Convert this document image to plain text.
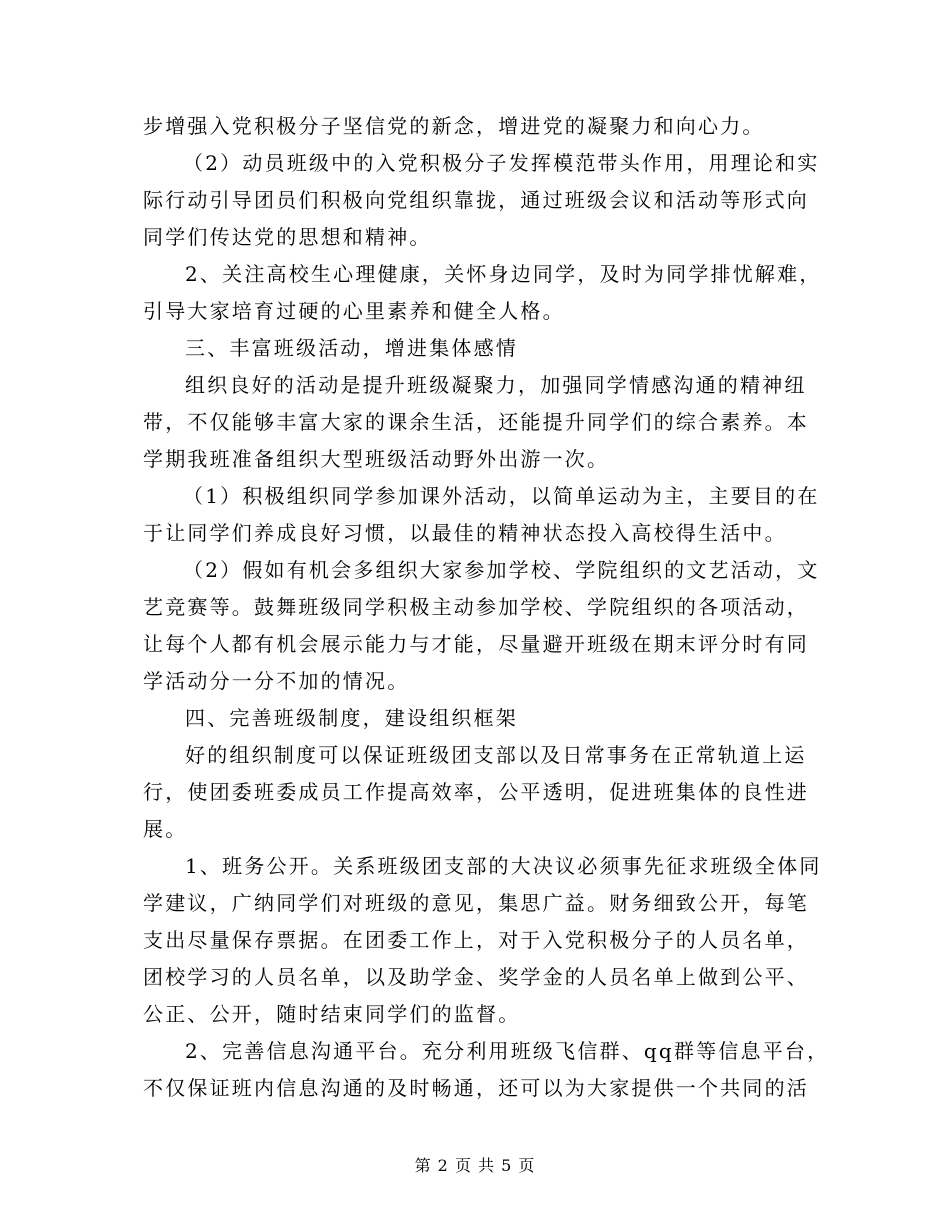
步增强入党积极分子坚信党的新念，增进党的凝聚力和向心力。
（2）动员班级中的入党积极分子发挥模范带头作用，用理论和实
际行动引导团员们积极向党组织靠拢，通过班级会议和活动等形式向
同学们传达党的思想和精神。
2、关注高校生心理健康，关怀身边同学，及时为同学排忧解难，
引导大家培育过硬的心里素养和健全人格。
三、丰富班级活动，增进集体感情
组织良好的活动是提升班级凝聚力，加强同学情感沟通的精神纽
带，不仅能够丰富大家的课余生活，还能提升同学们的综合素养。本
学期我班准备组织大型班级活动野外出游一次。
（1）积极组织同学参加课外活动，以简单运动为主，主要目的在
于让同学们养成良好习惯，以最佳的精神状态投入高校得生活中。
（2）假如有机会多组织大家参加学校、学院组织的文艺活动，文
艺竞赛等。鼓舞班级同学积极主动参加学校、学院组织的各项活动，
让每个人都有机会展示能力与才能，尽量避开班级在期末评分时有同
学活动分一分不加的情况。
四、完善班级制度，建设组织框架
好的组织制度可以保证班级团支部以及日常事务在正常轨道上运
行，使团委班委成员工作提高效率，公平透明，促进班集体的良性进
展。
1、班务公开。关系班级团支部的大决议必须事先征求班级全体同
学建议，广纳同学们对班级的意见，集思广益。财务细致公开，每笔
支出尽量保存票据。在团委工作上，对于入党积极分子的人员名单，
团校学习的人员名单，以及助学金、奖学金的人员名单上做到公平、
公正、公开，随时结束同学们的监督。
2、完善信息沟通平台。充分利用班级飞信群、qq群等信息平台，
不仅保证班内信息沟通的及时畅通，还可以为大家提供一个共同的活
第 2 页 共 5 页
